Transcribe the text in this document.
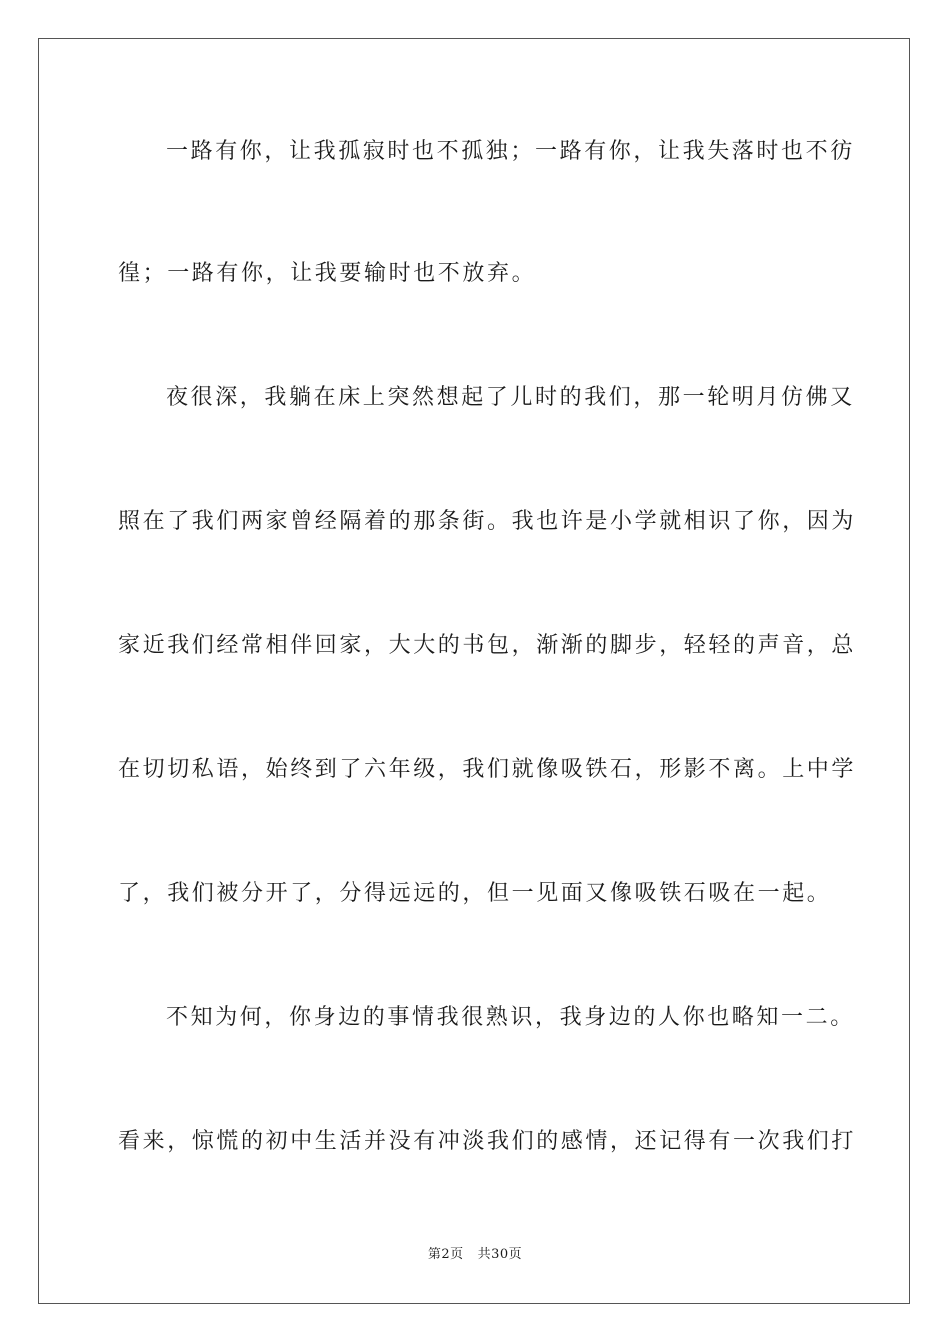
一路有你，让我孤寂时也不孤独；一路有你，让我失落时也不彷
徨；一路有你，让我要输时也不放弃。
夜很深，我躺在床上突然想起了儿时的我们，那一轮明月仿佛又
照在了我们两家曾经隔着的那条街。我也许是小学就相识了你，因为
家近我们经常相伴回家，大大的书包，渐渐的脚步，轻轻的声音，总
在切切私语，始终到了六年级，我们就像吸铁石，形影不离。上中学
了，我们被分开了，分得远远的，但一见面又像吸铁石吸在一起。
不知为何，你身边的事情我很熟识，我身边的人你也略知一二。
看来，惊慌的初中生活并没有冲淡我们的感情，还记得有一次我们打
第2页 共30页
